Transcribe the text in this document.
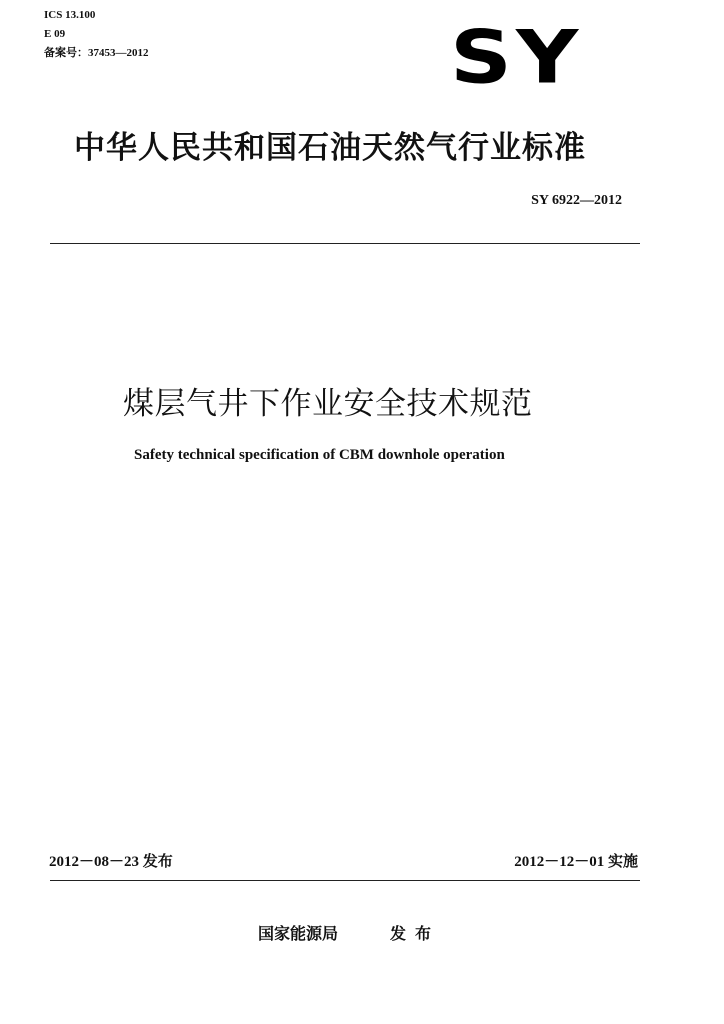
ICS 13.100
E 09
备案号：37453—2012	SY
中华人民共和国石油天然气行业标准
SY 6922—2012
煤层气井下作业安全技术规范
Safety technical specification of CBM downhole operation
2012－08－23 发布	2012－12－01 实施
国家能源局	发布
